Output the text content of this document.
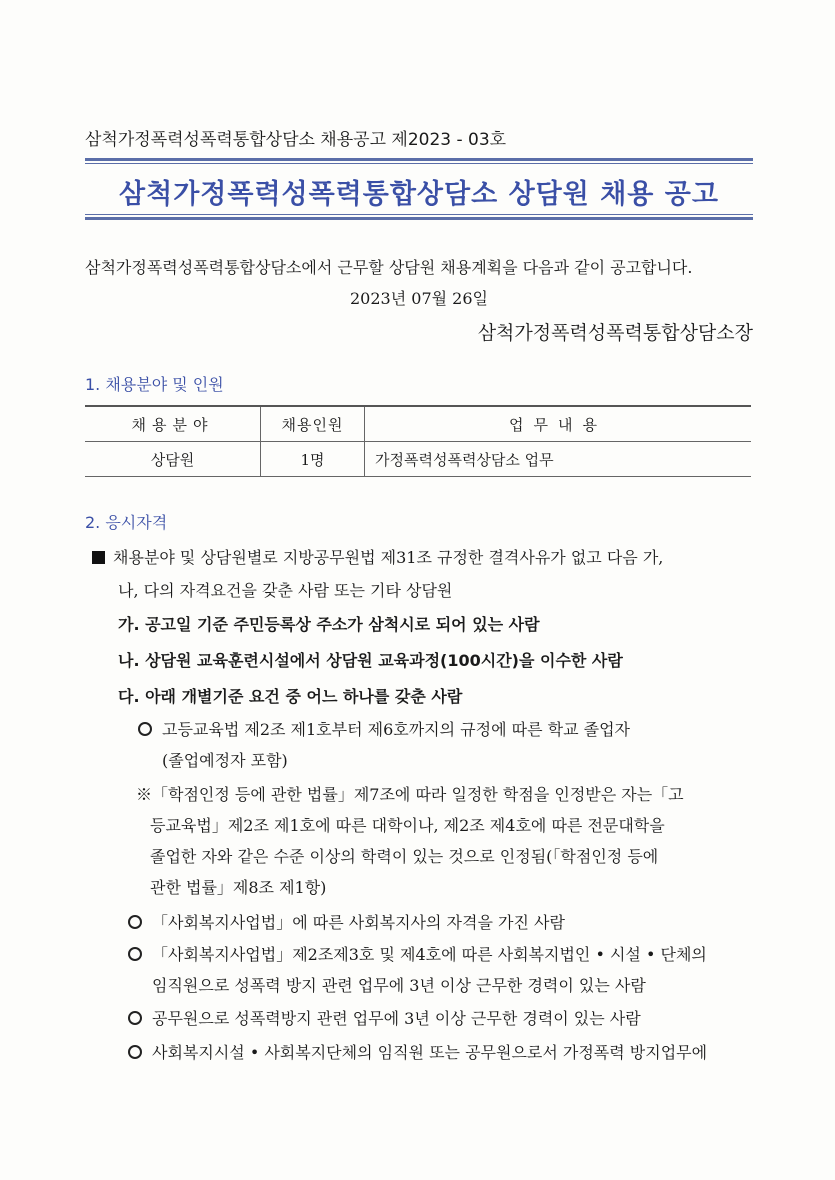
삼척가정폭력성폭력통합상담소 채용공고 제2023 - 03호
삼척가정폭력성폭력통합상담소 상담원 채용 공고
삼척가정폭력성폭력통합상담소에서 근무할 상담원 채용계획을 다음과 같이 공고합니다.
2023년 07월 26일
삼척가정폭력성폭력통합상담소장
1. 채용분야 및 인원
채용분야	채용인원	업무내용
상담원	1명	가정폭력성폭력상담소 업무
2. 응시자격
채용분야 및 상담원별로 지방공무원법 제31조 규정한 결격사유가 없고 다음 가,
나, 다의 자격요건을 갖춘 사람 또는 기타 상담원
가. 공고일 기준 주민등록상 주소가 삼척시로 되어 있는 사람
나. 상담원 교육훈련시설에서 상담원 교육과정(100시간)을 이수한 사람
다. 아래 개별기준 요건 중 어느 하나를 갖춘 사람
고등교육법 제2조 제1호부터 제6호까지의 규정에 따른 학교 졸업자
(졸업예정자 포함)
※「학점인정 등에 관한 법률」제7조에 따라 일정한 학점을 인정받은 자는「고
등교육법」제2조 제1호에 따른 대학이나, 제2조 제4호에 따른 전문대학을
졸업한 자와 같은 수준 이상의 학력이 있는 것으로 인정됨(「학점인정 등에
관한 법률」제8조 제1항)
「사회복지사업법」에 따른 사회복지사의 자격을 가진 사람
「사회복지사업법」제2조제3호 및 제4호에 따른 사회복지법인 • 시설 • 단체의
임직원으로 성폭력 방지 관련 업무에 3년 이상 근무한 경력이 있는 사람
공무원으로 성폭력방지 관련 업무에 3년 이상 근무한 경력이 있는 사람
사회복지시설 • 사회복지단체의 임직원 또는 공무원으로서 가정폭력 방지업무에
